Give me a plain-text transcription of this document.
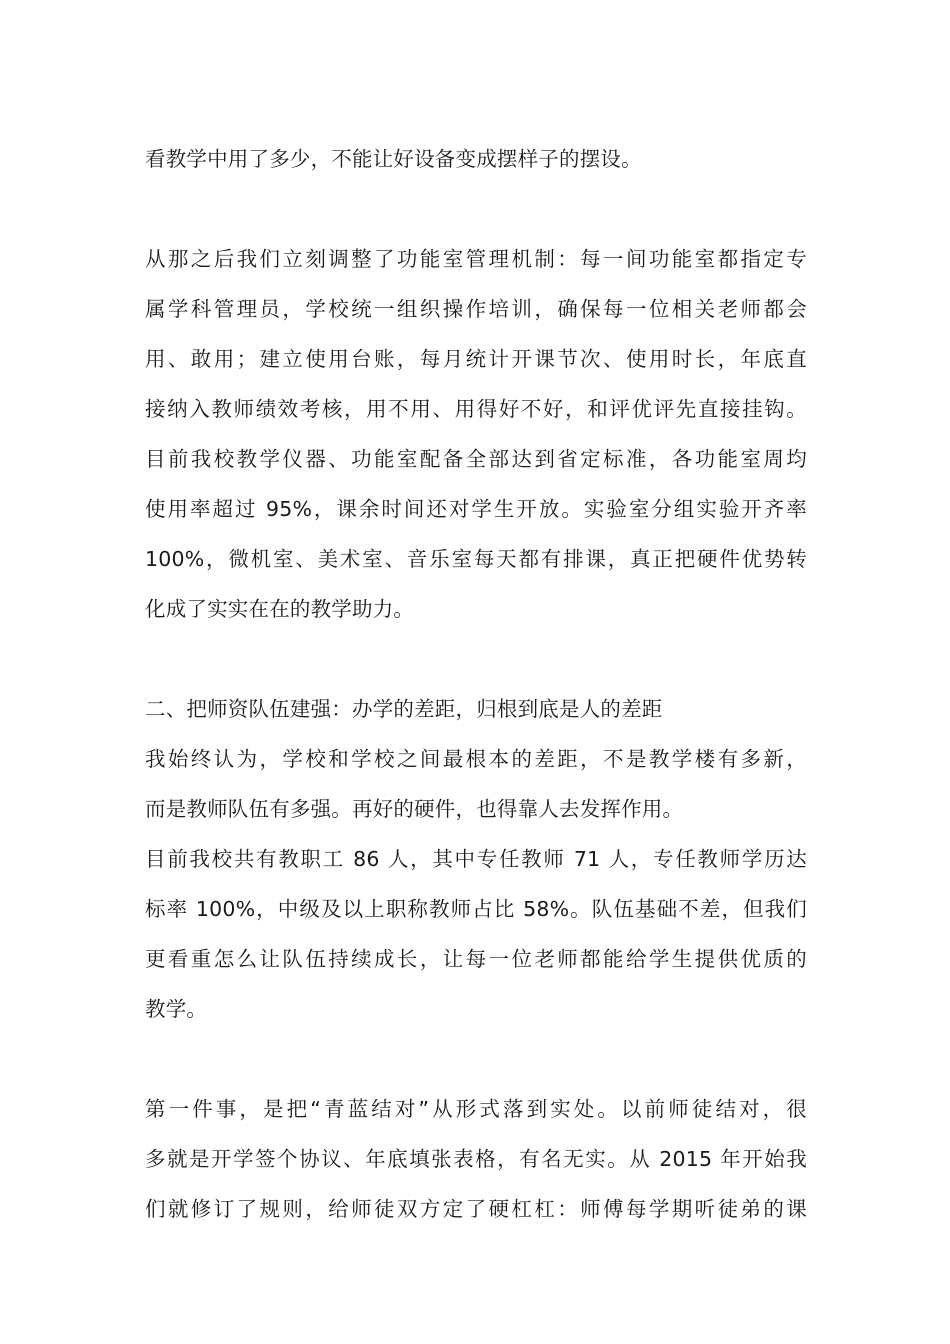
看教学中用了多少，不能让好设备变成摆样子的摆设。
从那之后我们立刻调整了功能室管理机制：每一间功能室都指定专
属学科管理员，学校统一组织操作培训，确保每一位相关老师都会
用、敢用；建立使用台账，每月统计开课节次、使用时长，年底直
接纳入教师绩效考核，用不用、用得好不好，和评优评先直接挂钩。
目前我校教学仪器、功能室配备全部达到省定标准，各功能室周均
使用率超过 95%，课余时间还对学生开放。实验室分组实验开齐率
100%，微机室、美术室、音乐室每天都有排课，真正把硬件优势转
化成了实实在在的教学助力。
二、把师资队伍建强：办学的差距，归根到底是人的差距
我始终认为，学校和学校之间最根本的差距，不是教学楼有多新，
而是教师队伍有多强。再好的硬件，也得靠人去发挥作用。
目前我校共有教职工 86 人，其中专任教师 71 人，专任教师学历达
标率 100%，中级及以上职称教师占比 58%。队伍基础不差，但我们
更看重怎么让队伍持续成长，让每一位老师都能给学生提供优质的
教学。
第一件事，是把“青蓝结对”从形式落到实处。以前师徒结对，很
多就是开学签个协议、年底填张表格，有名无实。从 2015 年开始我
们就修订了规则，给师徒双方定了硬杠杠：师傅每学期听徒弟的课
